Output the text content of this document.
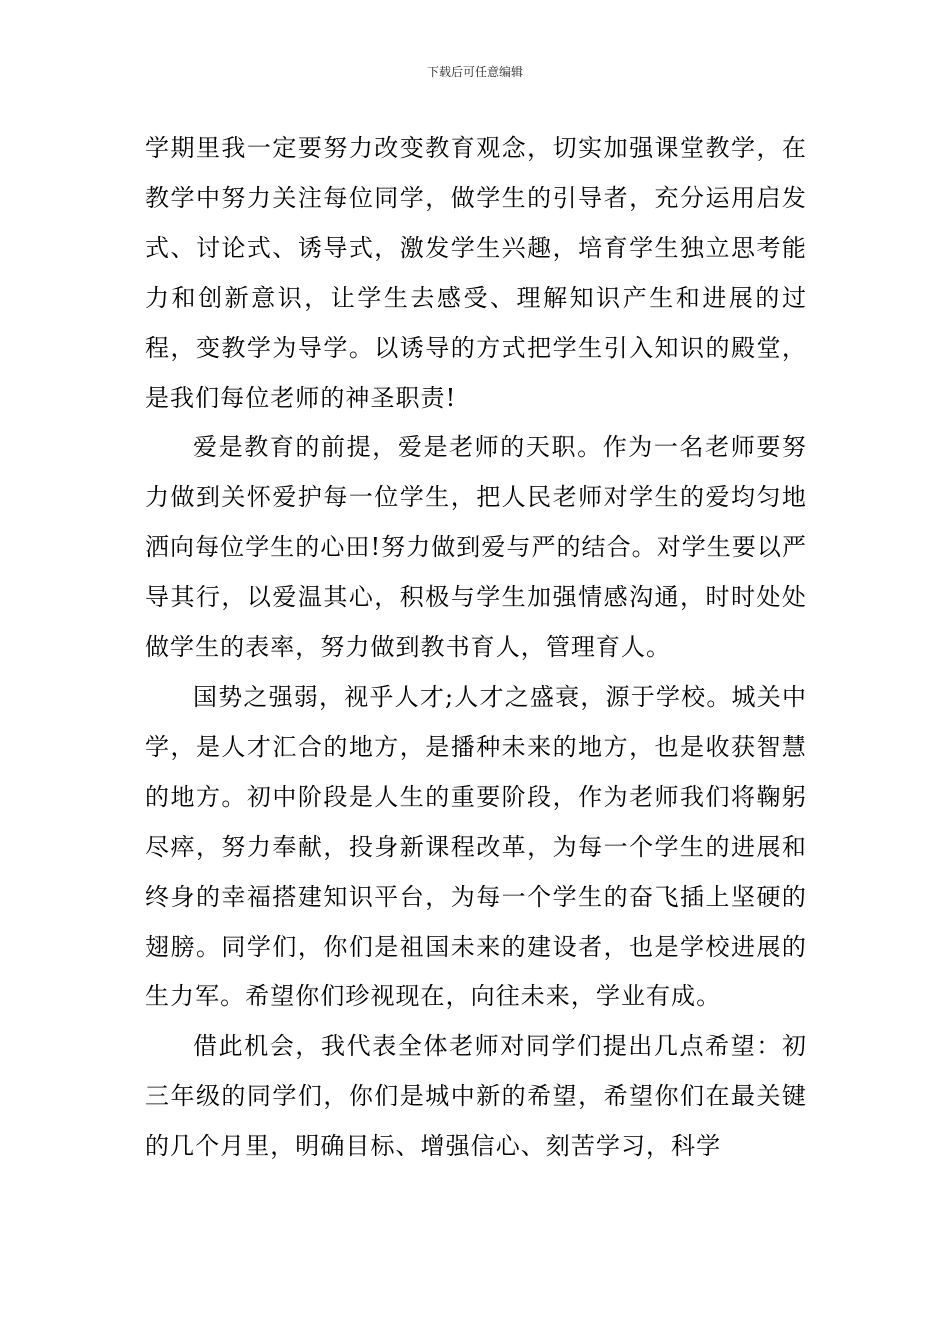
下载后可任意编辑

学期里我一定要努力改变教育观念，切实加强课堂教学，在教学中努力关注每位同学，做学生的引导者，充分运用启发式、讨论式、诱导式，激发学生兴趣，培育学生独立思考能力和创新意识，让学生去感受、理解知识产生和进展的过程，变教学为导学。以诱导的方式把学生引入知识的殿堂，是我们每位老师的神圣职责!

爱是教育的前提，爱是老师的天职。作为一名老师要努力做到关怀爱护每一位学生，把人民老师对学生的爱均匀地洒向每位学生的心田!努力做到爱与严的结合。对学生要以严导其行，以爱温其心，积极与学生加强情感沟通，时时处处做学生的表率，努力做到教书育人，管理育人。

国势之强弱，视乎人才;人才之盛衰，源于学校。城关中学，是人才汇合的地方，是播种未来的地方，也是收获智慧的地方。初中阶段是人生的重要阶段，作为老师我们将鞠躬尽瘁，努力奉献，投身新课程改革，为每一个学生的进展和终身的幸福搭建知识平台，为每一个学生的奋飞插上坚硬的翅膀。同学们，你们是祖国未来的建设者，也是学校进展的生力军。希望你们珍视现在，向往未来，学业有成。

借此机会，我代表全体老师对同学们提出几点希望：初三年级的同学们，你们是城中新的希望，希望你们在最关键的几个月里，明确目标、增强信心、刻苦学习，科学
